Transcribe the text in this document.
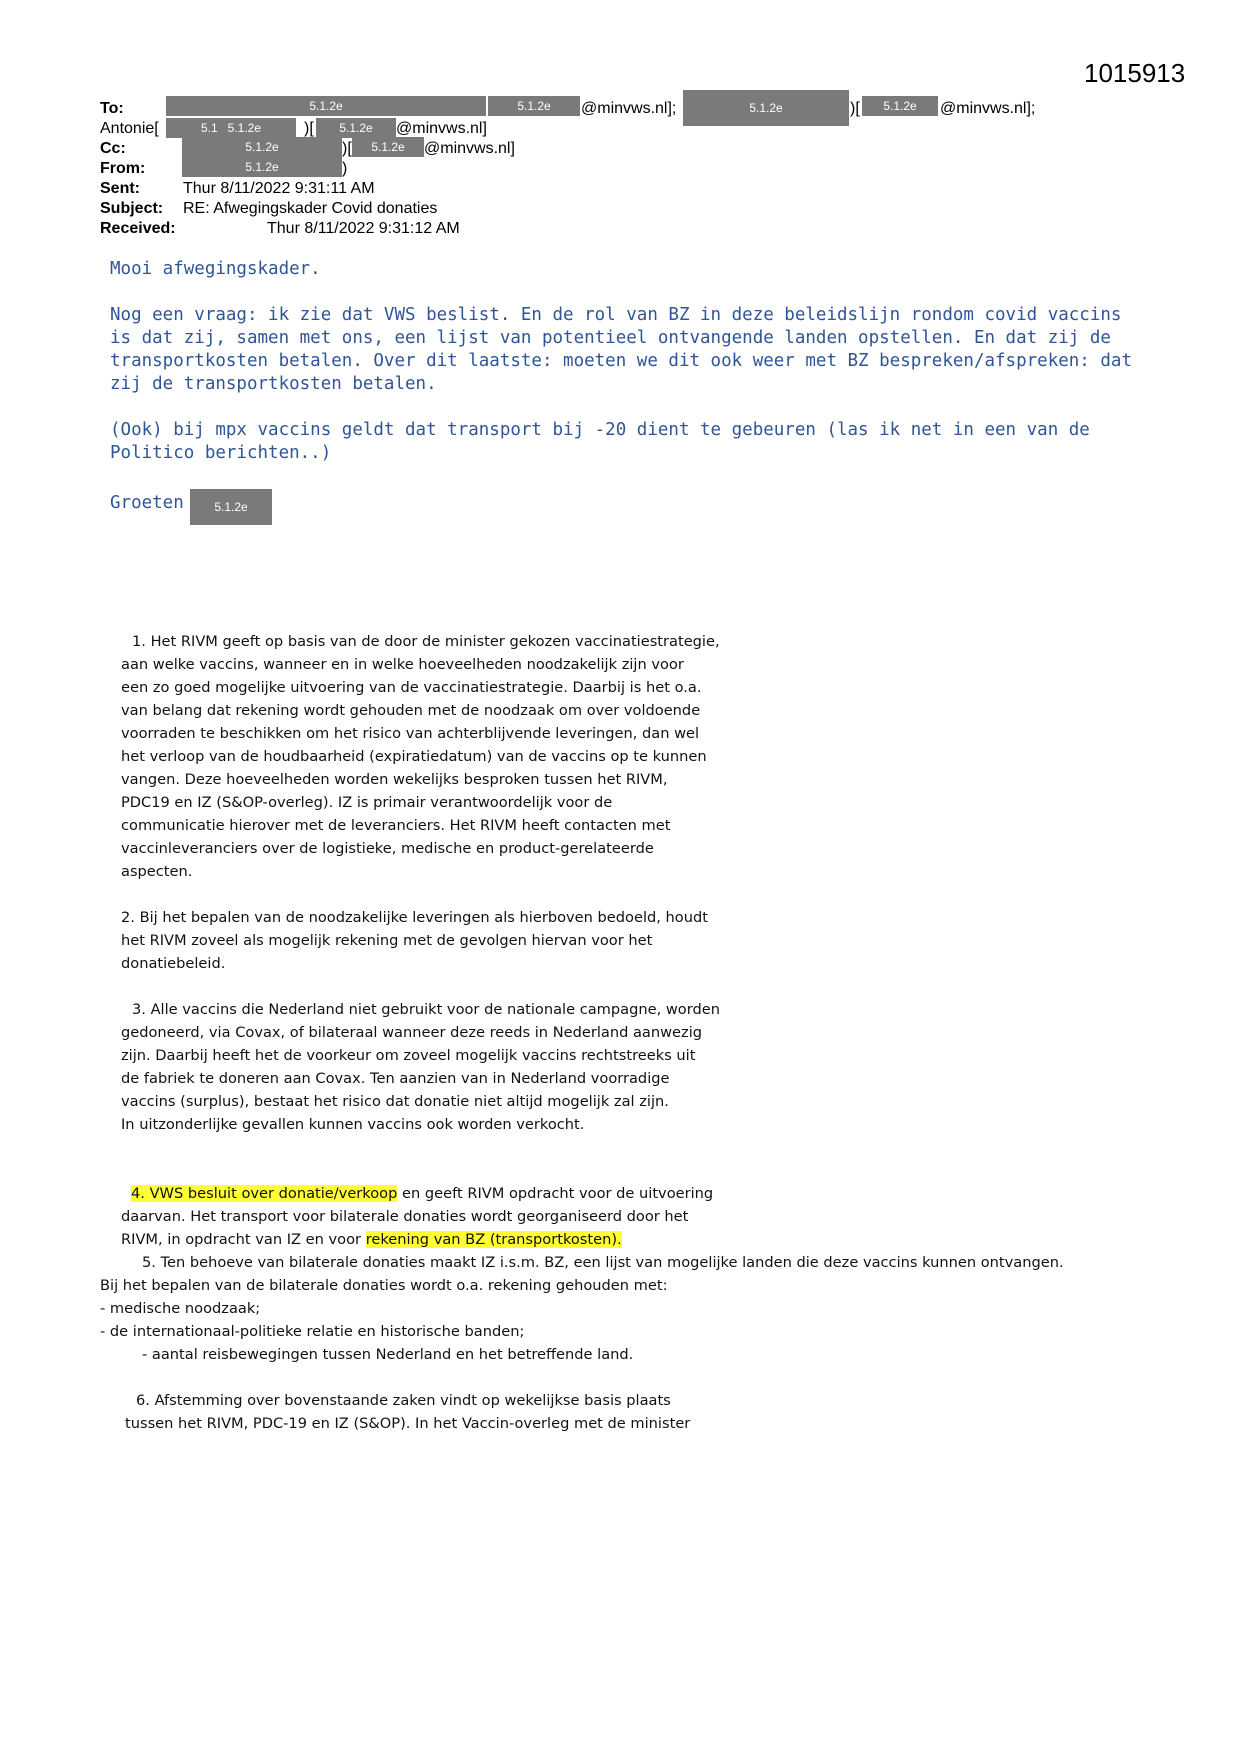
1015913
To:	5.1.2e	5.1.2e	@minvws.nl];	5.1.2e	)[	5.1.2e	@minvws.nl];
Antonie[	5.1 5.1.2e	)[	5.1.2e	@minvws.nl]
Cc:	5.1.2e	)[	5.1.2e	@minvws.nl]
From:	5.1.2e	)
Sent:	Thur 8/11/2022 9:31:11 AM
Subject: RE: Afwegingskader Covid donaties
Received:	Thur 8/11/2022 9:31:12 AM

Mooi afwegingskader.

Nog een vraag: ik zie dat VWS beslist. En de rol van BZ in deze beleidslijn rondom covid vaccins is dat zij, samen met ons, een lijst van potentieel ontvangende landen opstellen. En dat zij de transportkosten betalen. Over dit laatste: moeten we dit ook weer met BZ bespreken/afspreken: dat zij de transportkosten betalen.

(Ook) bij mpx vaccins geldt dat transport bij -20 dient te gebeuren (las ik net in een van de Politico berichten..)

Groeten	5.1.2e
1. Het RIVM geeft op basis van de door de minister gekozen vaccinatiestrategie,
aan welke vaccins, wanneer en in welke hoeveelheden noodzakelijk zijn voor
een zo goed mogelijke uitvoering van de vaccinatiestrategie. Daarbij is het o.a.
van belang dat rekening wordt gehouden met de noodzaak om over voldoende
voorraden te beschikken om het risico van achterblijvende leveringen, dan wel
het verloop van de houdbaarheid (expiratiedatum) van de vaccins op te kunnen
vangen. Deze hoeveelheden worden wekelijks besproken tussen het RIVM,
PDC19 en IZ (S&OP-overleg). IZ is primair verantwoordelijk voor de
communicatie hierover met de leveranciers. Het RIVM heeft contacten met
vaccinleveranciers over de logistieke, medische en product-gerelateerde
aspecten.
2. Bij het bepalen van de noodzakelijke leveringen als hierboven bedoeld, houdt
het RIVM zoveel als mogelijk rekening met de gevolgen hiervan voor het
donatiebeleid.
3. Alle vaccins die Nederland niet gebruikt voor de nationale campagne, worden
gedoneerd, via Covax, of bilateraal wanneer deze reeds in Nederland aanwezig
zijn. Daarbij heeft het de voorkeur om zoveel mogelijk vaccins rechtstreeks uit
de fabriek te doneren aan Covax. Ten aanzien van in Nederland voorradige
vaccins (surplus), bestaat het risico dat donatie niet altijd mogelijk zal zijn.
In uitzonderlijke gevallen kunnen vaccins ook worden verkocht.
4. VWS besluit over donatie/verkoop en geeft RIVM opdracht voor de uitvoering
daarvan. Het transport voor bilaterale donaties wordt georganiseerd door het
RIVM, in opdracht van IZ en voor rekening van BZ (transportkosten).
5. Ten behoeve van bilaterale donaties maakt IZ i.s.m. BZ, een lijst van mogelijke landen die deze vaccins kunnen ontvangen.
Bij het bepalen van de bilaterale donaties wordt o.a. rekening gehouden met:
- medische noodzaak;
- de internationaal-politieke relatie en historische banden;
- aantal reisbewegingen tussen Nederland en het betreffende land.
6. Afstemming over bovenstaande zaken vindt op wekelijkse basis plaats
tussen het RIVM, PDC-19 en IZ (S&OP). In het Vaccin-overleg met de minister
